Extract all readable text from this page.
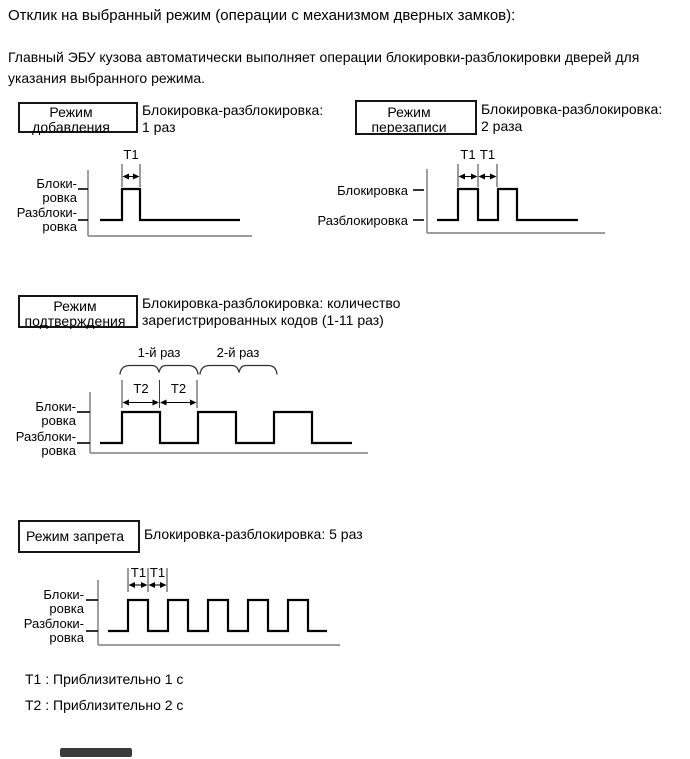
Отклик на выбранный режим (операции с механизмом дверных замков):
Главный ЭБУ кузова автоматически выполняет операции блокировки-разблокировки дверей для указания выбранного режима.
Режим
добавления
Блокировка-разблокировка:
1 раз
Т1
Блоки-
ровка
Разблоки-
ровка
Режим
перезаписи
Блокировка-разблокировка:
2 раза
Т1 Т1
Блокировка
Разблокировка
Режим
подтверждения
Блокировка-разблокировка: количество
зарегистрированных кодов (1-11 раз)
1-й раз	2-й раз
Т2 Т2
Блоки-
ровка
Разблоки-
ровка
Режим запрета	Блокировка-разблокировка: 5 раз
Т1 Т1
Блоки-
ровка
Разблоки-
ровка
Т1 : Приблизительно 1 с
Т2 : Приблизительно 2 с
